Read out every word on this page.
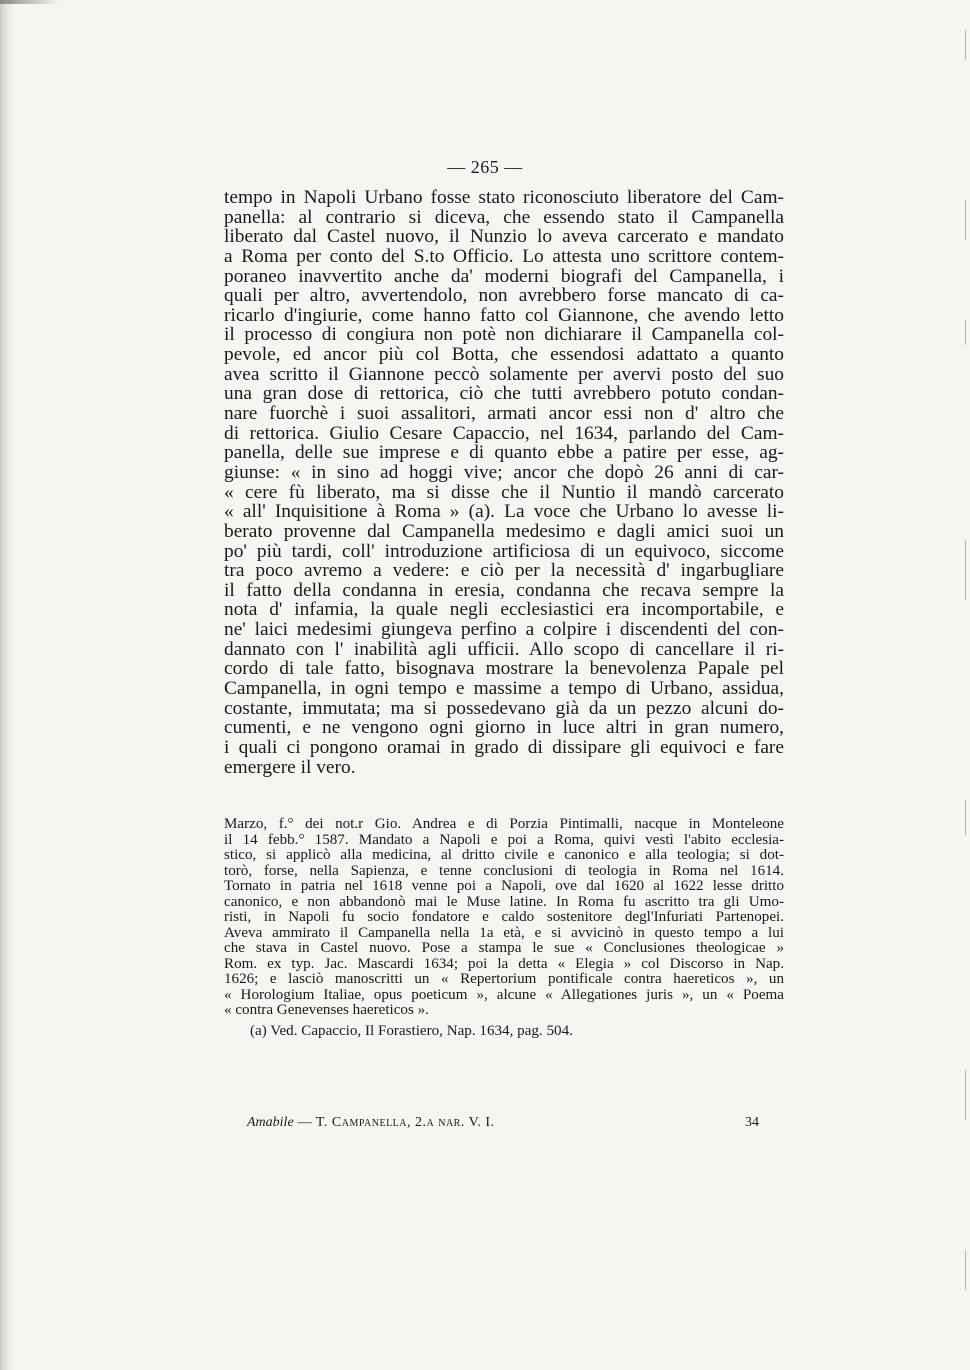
— 265 —
tempo in Napoli Urbano fosse stato riconosciuto liberatore del Cam-
panella: al contrario si diceva, che essendo stato il Campanella
liberato dal Castel nuovo, il Nunzio lo aveva carcerato e mandato
a Roma per conto del S.to Officio. Lo attesta uno scrittore contem-
poraneo inavvertito anche da' moderni biografi del Campanella, i
quali per altro, avvertendolo, non avrebbero forse mancato di ca-
ricarlo d'ingiurie, come hanno fatto col Giannone, che avendo letto
il processo di congiura non potè non dichiarare il Campanella col-
pevole, ed ancor più col Botta, che essendosi adattato a quanto
avea scritto il Giannone peccò solamente per avervi posto del suo
una gran dose di rettorica, ciò che tutti avrebbero potuto condan-
nare fuorchè i suoi assalitori, armati ancor essi non d' altro che
di rettorica. Giulio Cesare Capaccio, nel 1634, parlando del Cam-
panella, delle sue imprese e di quanto ebbe a patire per esse, ag-
giunse: « in sino ad hoggi vive; ancor che dopò 26 anni di car-
« cere fù liberato, ma si disse che il Nuntio il mandò carcerato
« all' Inquisitione à Roma » (a). La voce che Urbano lo avesse li-
berato provenne dal Campanella medesimo e dagli amici suoi un
po' più tardi, coll' introduzione artificiosa di un equivoco, siccome
tra poco avremo a vedere: e ciò per la necessità d' ingarbugliare
il fatto della condanna in eresia, condanna che recava sempre la
nota d' infamia, la quale negli ecclesiastici era incomportabile, e
ne' laici medesimi giungeva perfino a colpire i discendenti del con-
dannato con l' inabilità agli ufficii. Allo scopo di cancellare il ri-
cordo di tale fatto, bisognava mostrare la benevolenza Papale pel
Campanella, in ogni tempo e massime a tempo di Urbano, assidua,
costante, immutata; ma si possedevano già da un pezzo alcuni do-
cumenti, e ne vengono ogni giorno in luce altri in gran numero,
i quali ci pongono oramai in grado di dissipare gli equivoci e fare
emergere il vero.
Marzo, f.° dei not.r Gio. Andrea e di Porzia Pintimalli, nacque in Monteleone
il 14 febb.° 1587. Mandato a Napoli e poi a Roma, quivi vestì l'abito ecclesia-
stico, si applicò alla medicina, al dritto civile e canonico e alla teologia; si dot-
torò, forse, nella Sapienza, e tenne conclusioni di teologia in Roma nel 1614.
Tornato in patria nel 1618 venne poi a Napoli, ove dal 1620 al 1622 lesse dritto
canonico, e non abbandonò mai le Muse latine. In Roma fu ascritto tra gli Umo-
risti, in Napoli fu socio fondatore e caldo sostenitore degl'Infuriati Partenopei.
Aveva ammirato il Campanella nella 1a età, e si avvicinò in questo tempo a lui
che stava in Castel nuovo. Pose a stampa le sue « Conclusiones theologicae »
Rom. ex typ. Jac. Mascardi 1634; poi la detta « Elegia » col Discorso in Nap.
1626; e lasciò manoscritti un « Repertorium pontificale contra haereticos », un
« Horologium Italiae, opus poeticum », alcune « Allegationes juris », un « Poema
« contra Genevenses haereticos ».
(a) Ved. Capaccio, Il Forastiero, Nap. 1634, pag. 504.
Amabile — T. Campanella, 2.a nar. V. I.	34
